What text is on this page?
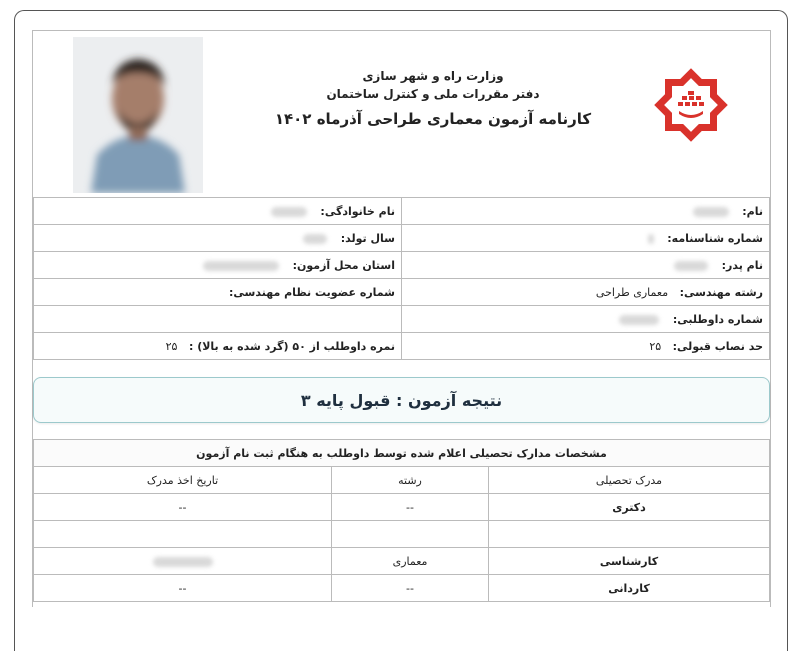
وزارت راه و شهر سازی
دفتر مقررات ملی و کنترل ساختمان
کارنامه آزمون معماری طراحی آذرماه ۱۴۰۲
نام:	نام خانوادگی:
شماره شناسنامه:	سال تولد:
نام پدر:	استان محل آزمون:
رشته مهندسی: معماری طراحی	شماره عضویت نظام مهندسی:
شماره داوطلبی:	
حد نصاب قبولی: ۲۵	نمره داوطلب از ۵۰ (گرد شده به بالا) : ۲۵
نتیجه آزمون : قبول پایه ۳
مشخصات مدارک تحصیلی اعلام شده توسط داوطلب به هنگام ثبت نام آزمون		
مدرک تحصیلی	رشته	تاریخ اخذ مدرک
دکتری	--	--

کارشناسی	معماری	
کاردانی	--	--
